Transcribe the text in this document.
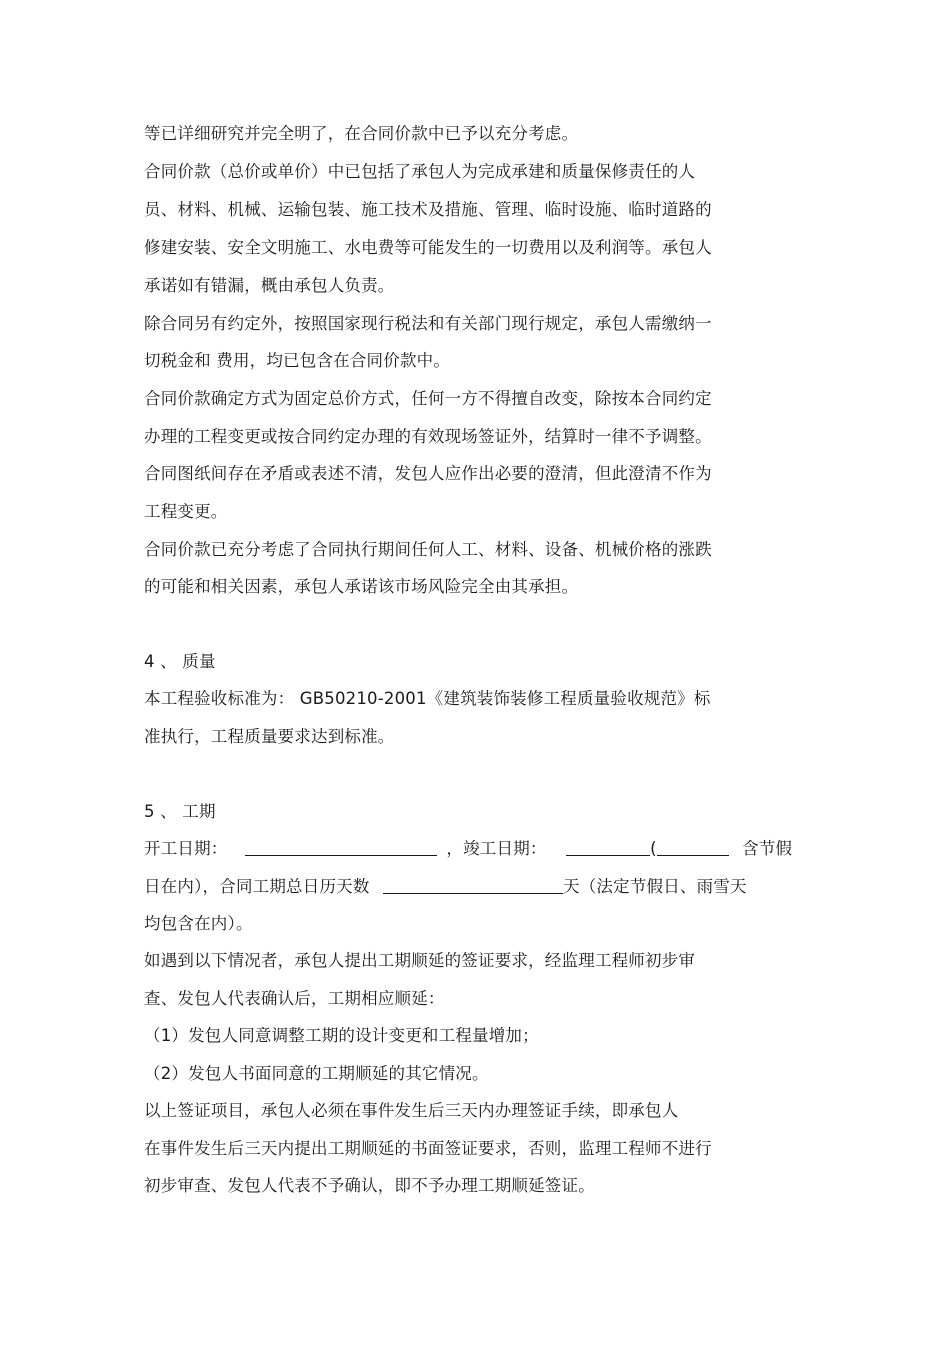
等已详细研究并完全明了，在合同价款中已予以充分考虑。
合同价款（总价或单价）中已包括了承包人为完成承建和质量保修责任的人
员、材料、机械、运输包装、施工技术及措施、管理、临时设施、临时道路的
修建安装、安全文明施工、水电费等可能发生的一切费用以及利润等。承包人
承诺如有错漏，概由承包人负责。
除合同另有约定外，按照国家现行税法和有关部门现行规定，承包人需缴纳一
切税金和 费用，均已包含在合同价款中。
合同价款确定方式为固定总价方式，任何一方不得擅自改变，除按本合同约定
办理的工程变更或按合同约定办理的有效现场签证外，结算时一律不予调整。
合同图纸间存在矛盾或表述不清，发包人应作出必要的澄清，但此澄清不作为
工程变更。
合同价款已充分考虑了合同执行期间任何人工、材料、设备、机械价格的涨跌
的可能和相关因素，承包人承诺该市场风险完全由其承担。
4 、 质量
本工程验收标准为： GB50210-2001《建筑装饰装修工程质量验收规范》标
准执行，工程质量要求达到标准。
5 、 工期
开工日期：	，竣工日期：	(	含节假
日在内），合同工期总日历天数	天（法定节假日、雨雪天
均包含在内）。
如遇到以下情况者，承包人提出工期顺延的签证要求，经监理工程师初步审
查、发包人代表确认后，工期相应顺延：
（1）发包人同意调整工期的设计变更和工程量增加；
（2）发包人书面同意的工期顺延的其它情况。
以上签证项目，承包人必须在事件发生后三天内办理签证手续，即承包人
在事件发生后三天内提出工期顺延的书面签证要求，否则，监理工程师不进行
初步审查、发包人代表不予确认，即不予办理工期顺延签证。
